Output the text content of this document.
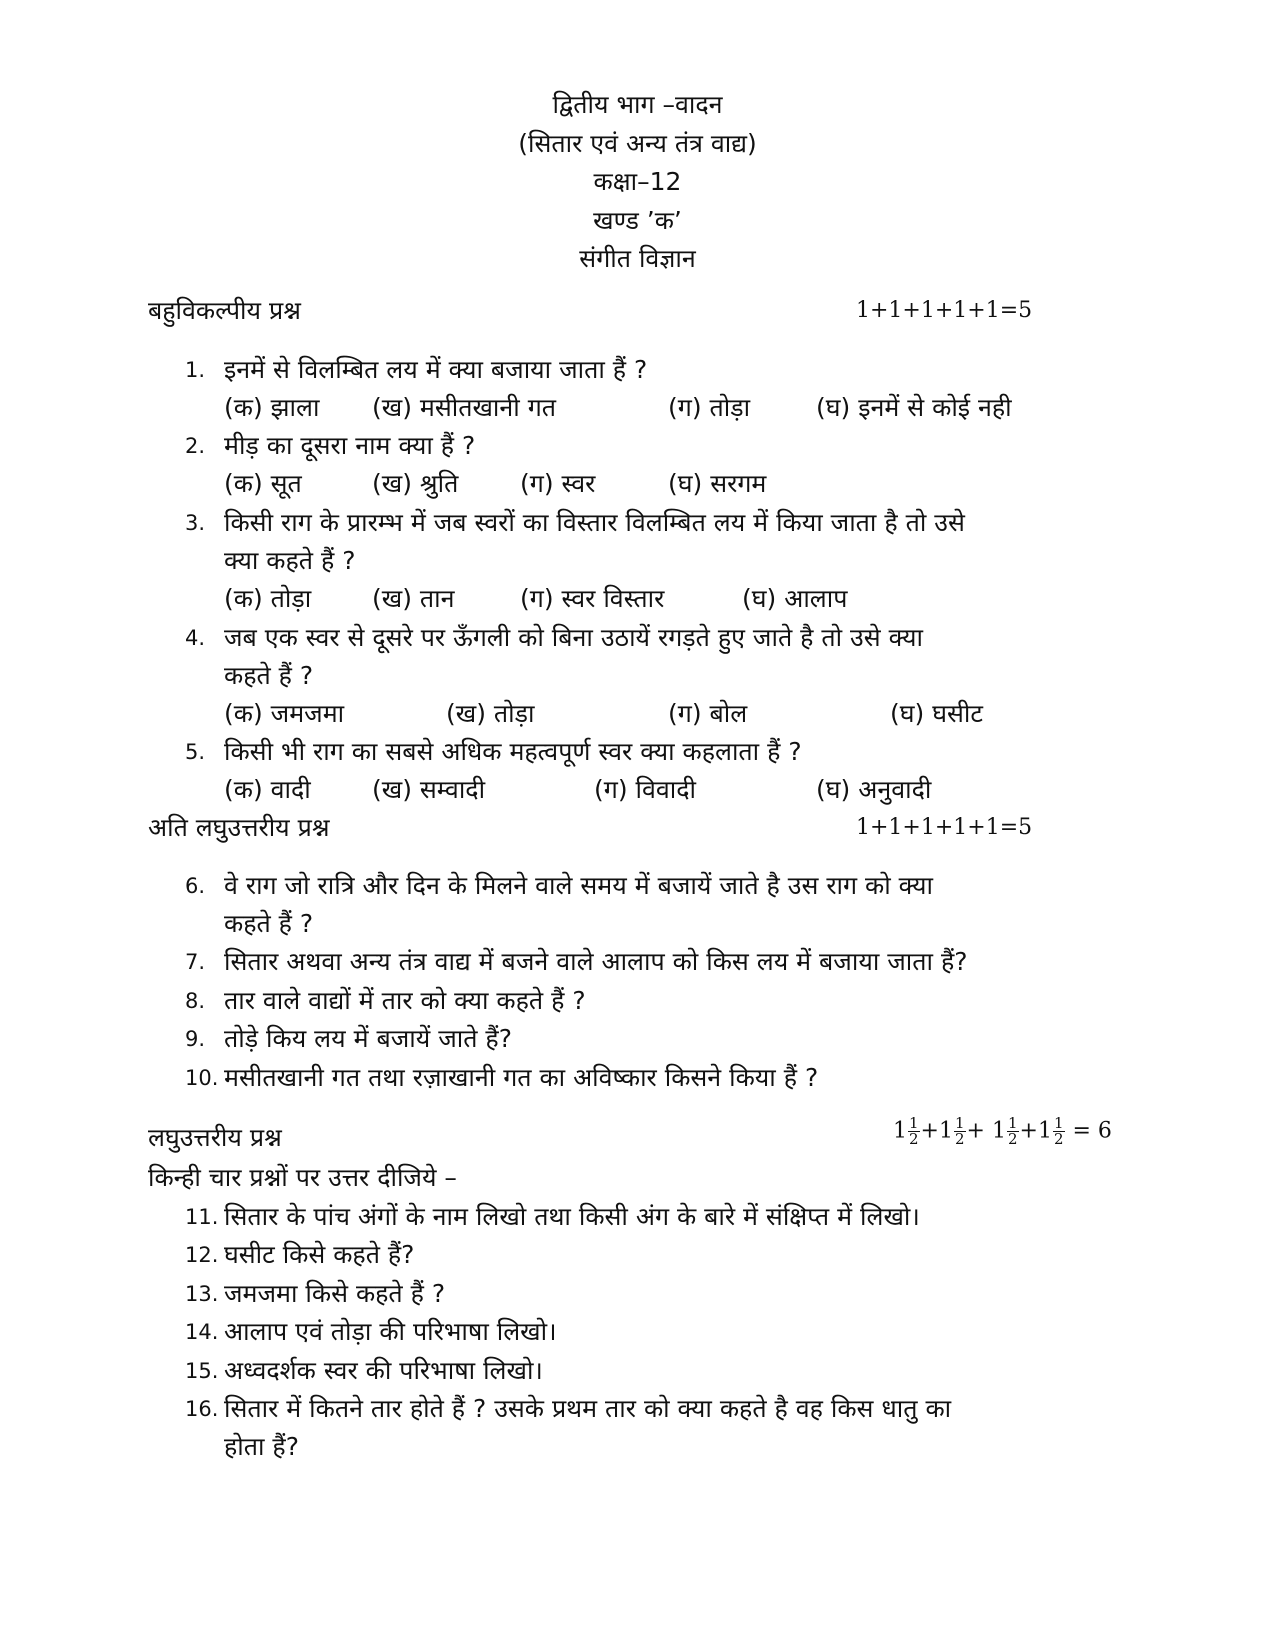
द्वितीय भाग –वादन
(सितार एवं अन्य तंत्र वाद्य)
कक्षा–12
खण्ड ’क’
संगीत विज्ञान
बहुविकल्पीय प्रश्न	1+1+1+1+1=5
1. इनमें से विलम्बित लय में क्या बजाया जाता हैं ?
(क) झाला (ख) मसीतखानी गत	(ग) तोड़ा	(घ) इनमें से कोई नही
2. मीड़ का दूसरा नाम क्या हैं ?
(क) सूत	(ख) श्रुति (ग) स्वर	(घ) सरगम
3. किसी राग के प्रारम्भ में जब स्वरों का विस्तार विलम्बित लय में किया जाता है तो उसे
क्या कहते हैं ?
(क) तोड़ा (ख) तान	(ग) स्वर विस्तार	(घ) आलाप
4. जब एक स्वर से दूसरे पर ऊँगली को बिना उठायें रगड़ते हुए जाते है तो उसे क्या
कहते हैं ?
(क) जमजमा	(ख) तोड़ा	(ग) बोल	(घ) घसीट
5. किसी भी राग का सबसे अधिक महत्वपूर्ण स्वर क्या कहलाता हैं ?
(क) वादी (ख) सम्वादी	(ग) विवादी	(घ) अनुवादी
अति लघुउत्तरीय प्रश्न	1+1+1+1+1=5
6. वे राग जो रात्रि और दिन के मिलने वाले समय में बजायें जाते है उस राग को क्या
कहते हैं ?
7. सितार अथवा अन्य तंत्र वाद्य में बजने वाले आलाप को किस लय में बजाया जाता हैं?
8. तार वाले वाद्यों में तार को क्या कहते हैं ?
9. तोड़े किय लय में बजायें जाते हैं?
10. मसीतखानी गत तथा रज़ाखानी गत का अविष्कार किसने किया हैं ?
लघुउत्तरीय प्रश्न	$1 \frac{1}{2} +1 \frac{1}{2} + 1 \frac{1}{2} +1 \frac{1}{2} = 6$
किन्ही चार प्रश्नों पर उत्तर दीजिये –
11. सितार के पांच अंगों के नाम लिखो तथा किसी अंग के बारे में संक्षिप्त में लिखो।
12. घसीट किसे कहते हैं?
13. जमजमा किसे कहते हैं ?
14. आलाप एवं तोड़ा की परिभाषा लिखो।
15. अध्वदर्शक स्वर की परिभाषा लिखो।
16. सितार में कितने तार होते हैं ? उसके प्रथम तार को क्या कहते है वह किस धातु का
होता हैं?
